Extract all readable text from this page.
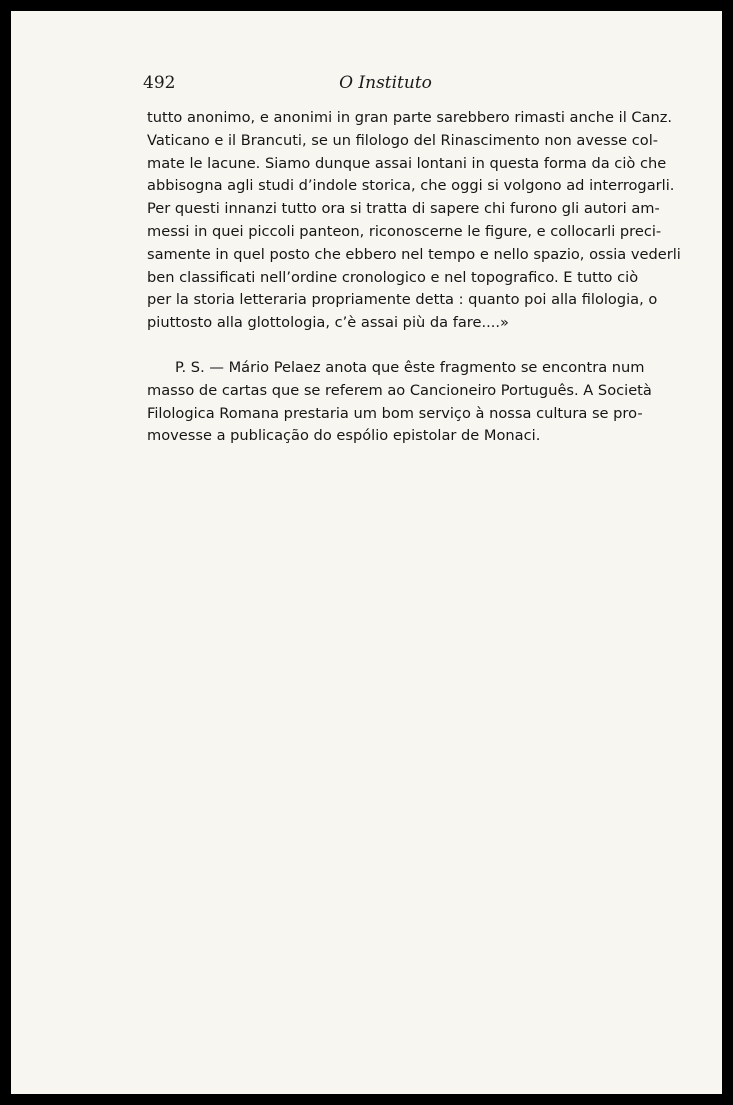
492	O Instituto
tutto anonimo, e anonimi in gran parte sarebbero rimasti anche il Canz.
Vaticano e il Brancuti, se un filologo del Rinascimento non avesse col-
mate le lacune. Siamo dunque assai lontani in questa forma da ciò che
abbisogna agli studi d’indole storica, che oggi si volgono ad interrogarli.
Per questi innanzi tutto ora si tratta di sapere chi furono gli autori am-
messi in quei piccoli panteon, riconoscerne le figure, e collocarli preci-
samente in quel posto che ebbero nel tempo e nello spazio, ossia vederli
ben classificati nell’ordine cronologico e nel topografico. E tutto ciò
per la storia letteraria propriamente detta : quanto poi alla filologia, o
piuttosto alla glottologia, c’è assai più da fare....»
P. S. — Mário Pelaez anota que êste fragmento se encontra num
masso de cartas que se referem ao Cancioneiro Português. A Società
Filologica Romana prestaria um bom serviço à nossa cultura se pro-
movesse a publicação do espólio epistolar de Monaci.
